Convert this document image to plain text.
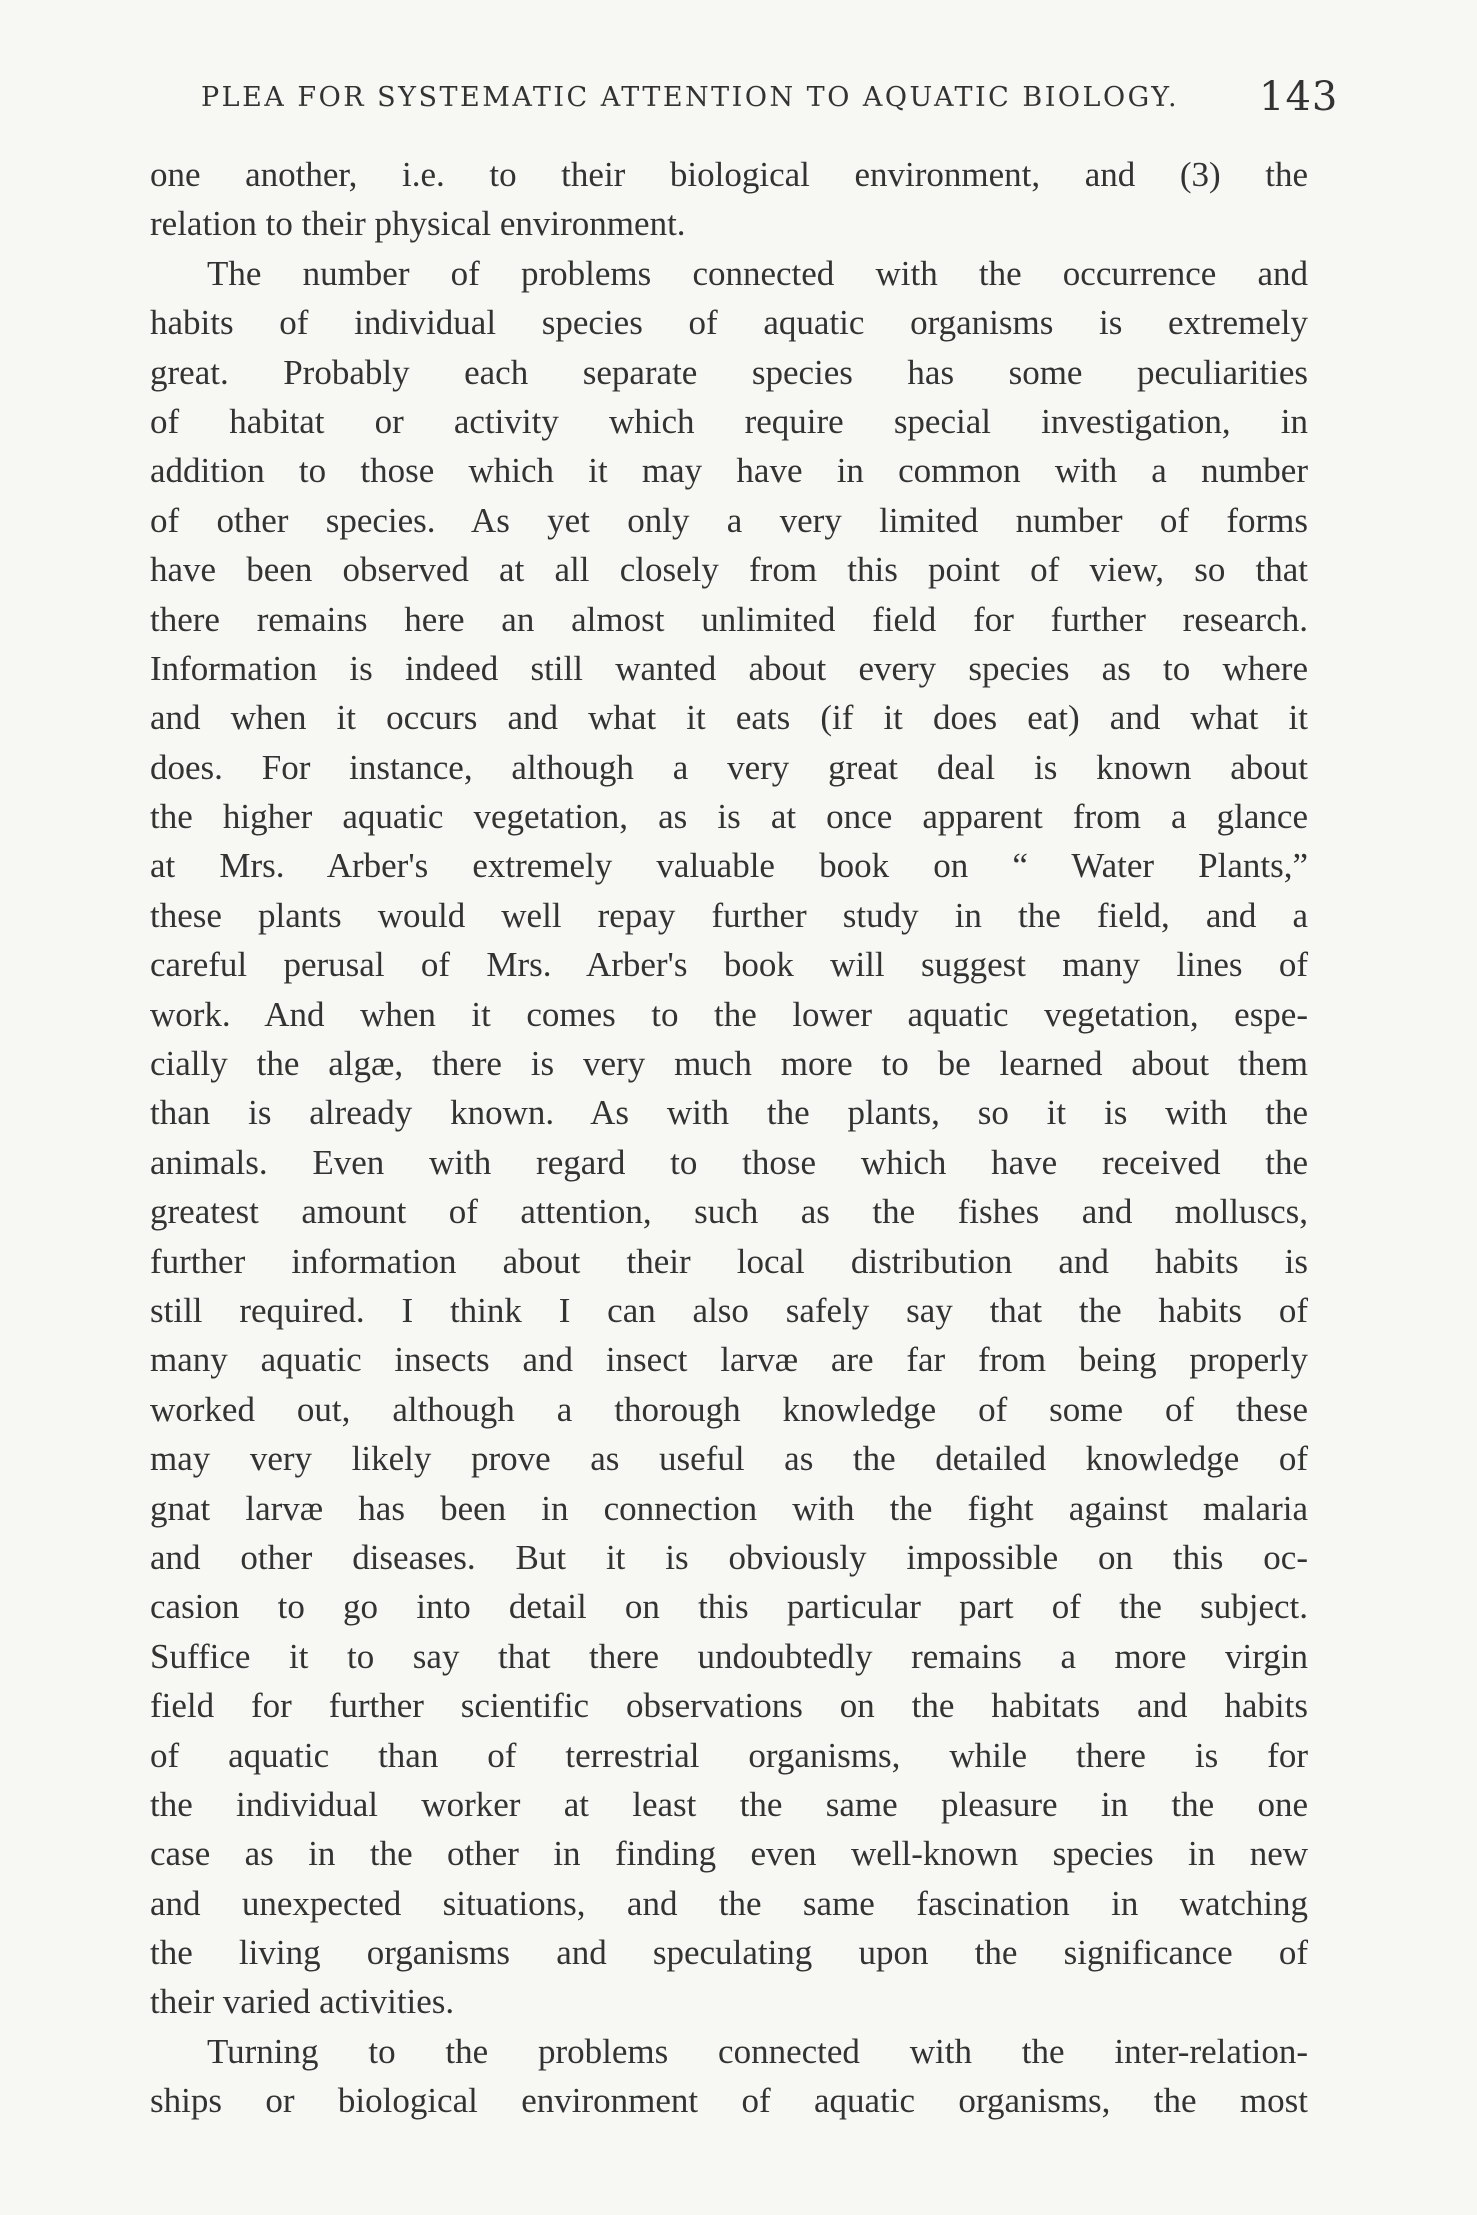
PLEA FOR SYSTEMATIC ATTENTION TO AQUATIC BIOLOGY. 143
one another, i.e. to their biological environment, and (3) the
relation to their physical environment.
The number of problems connected with the occurrence and
habits of individual species of aquatic organisms is extremely
great. Probably each separate species has some peculiarities
of habitat or activity which require special investigation, in
addition to those which it may have in common with a number
of other species. As yet only a very limited number of forms
have been observed at all closely from this point of view, so that
there remains here an almost unlimited field for further research.
Information is indeed still wanted about every species as to where
and when it occurs and what it eats (if it does eat) and what it
does. For instance, although a very great deal is known about
the higher aquatic vegetation, as is at once apparent from a glance
at Mrs. Arber's extremely valuable book on “ Water Plants,”
these plants would well repay further study in the field, and a
careful perusal of Mrs. Arber's book will suggest many lines of
work. And when it comes to the lower aquatic vegetation, espe-
cially the algæ, there is very much more to be learned about them
than is already known. As with the plants, so it is with the
animals. Even with regard to those which have received the
greatest amount of attention, such as the fishes and molluscs,
further information about their local distribution and habits is
still required. I think I can also safely say that the habits of
many aquatic insects and insect larvæ are far from being properly
worked out, although a thorough knowledge of some of these
may very likely prove as useful as the detailed knowledge of
gnat larvæ has been in connection with the fight against malaria
and other diseases. But it is obviously impossible on this oc-
casion to go into detail on this particular part of the subject.
Suffice it to say that there undoubtedly remains a more virgin
field for further scientific observations on the habitats and habits
of aquatic than of terrestrial organisms, while there is for
the individual worker at least the same pleasure in the one
case as in the other in finding even well-known species in new
and unexpected situations, and the same fascination in watching
the living organisms and speculating upon the significance of
their varied activities.
Turning to the problems connected with the inter-relation-
ships or biological environment of aquatic organisms, the most
